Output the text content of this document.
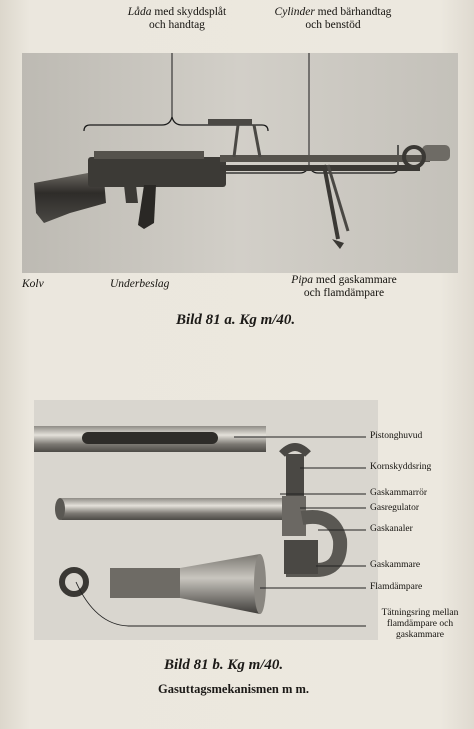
Låda med skyddsplåt
och handtag
Cylinder med bärhandtag
och benstöd
Kolv	Underbeslag	Pipa med gaskammare
och flamdämpare
Bild 81 a. Kg m/40.
Pistonghuvud
Kornskyddsring
Gaskammarrör
Gasregulator
Gaskanaler
Gaskammare
Flamdämpare
Tätningsring mellan
flamdämpare och
gaskammare
Bild 81 b. Kg m/40.
Gasuttagsmekanismen m m.
